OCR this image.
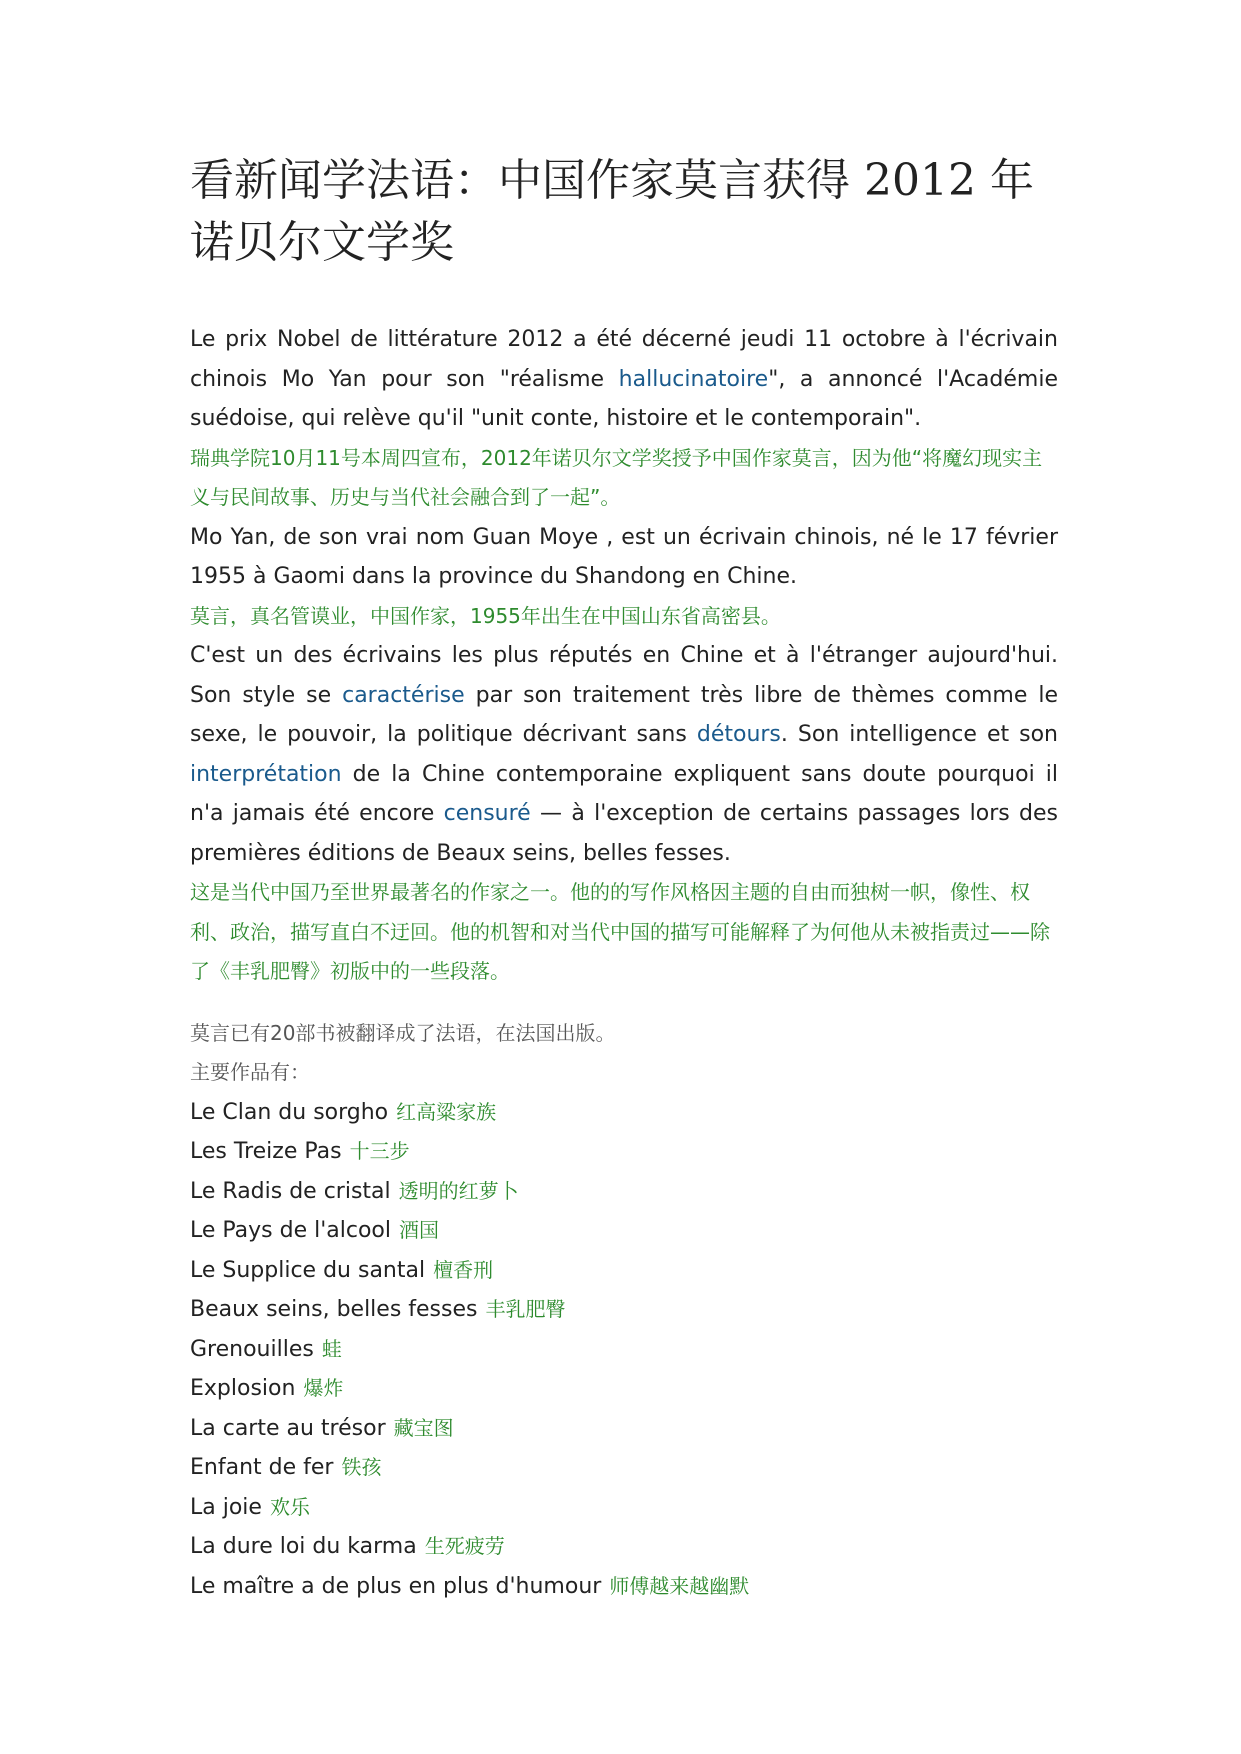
看新闻学法语：中国作家莫言获得 2012 年诺贝尔文学奖

Le prix Nobel de littérature 2012 a été décerné jeudi 11 octobre à l'écrivain chinois Mo Yan pour son "réalisme hallucinatoire", a annoncé l'Académie suédoise, qui relève qu'il "unit conte, histoire et le contemporain".

瑞典学院10月11号本周四宣布，2012年诺贝尔文学奖授予中国作家莫言，因为他“将魔幻现实主义与民间故事、历史与当代社会融合到了一起”。

Mo Yan, de son vrai nom Guan Moye , est un écrivain chinois, né le 17 février 1955 à Gaomi dans la province du Shandong en Chine.

莫言，真名管谟业，中国作家，1955年出生在中国山东省高密县。

C'est un des écrivains les plus réputés en Chine et à l'étranger aujourd'hui. Son style se caractérise par son traitement très libre de thèmes comme le sexe, le pouvoir, la politique décrivant sans détours. Son intelligence et son interprétation de la Chine contemporaine expliquent sans doute pourquoi il n'a jamais été encore censuré — à l'exception de certains passages lors des premières éditions de Beaux seins, belles fesses.

这是当代中国乃至世界最著名的作家之一。他的的写作风格因主题的自由而独树一帜，像性、权利、政治，描写直白不迂回。他的机智和对当代中国的描写可能解释了为何他从未被指责过——除了《丰乳肥臀》初版中的一些段落。

莫言已有20部书被翻译成了法语，在法国出版。

主要作品有：

Le Clan du sorgho 红高粱家族
Les Treize Pas 十三步
Le Radis de cristal 透明的红萝卜
Le Pays de l'alcool 酒国
Le Supplice du santal 檀香刑
Beaux seins, belles fesses 丰乳肥臀
Grenouilles 蛙
Explosion 爆炸
La carte au trésor 藏宝图
Enfant de fer 铁孩
La joie 欢乐
La dure loi du karma 生死疲劳
Le maître a de plus en plus d'humour 师傅越来越幽默
